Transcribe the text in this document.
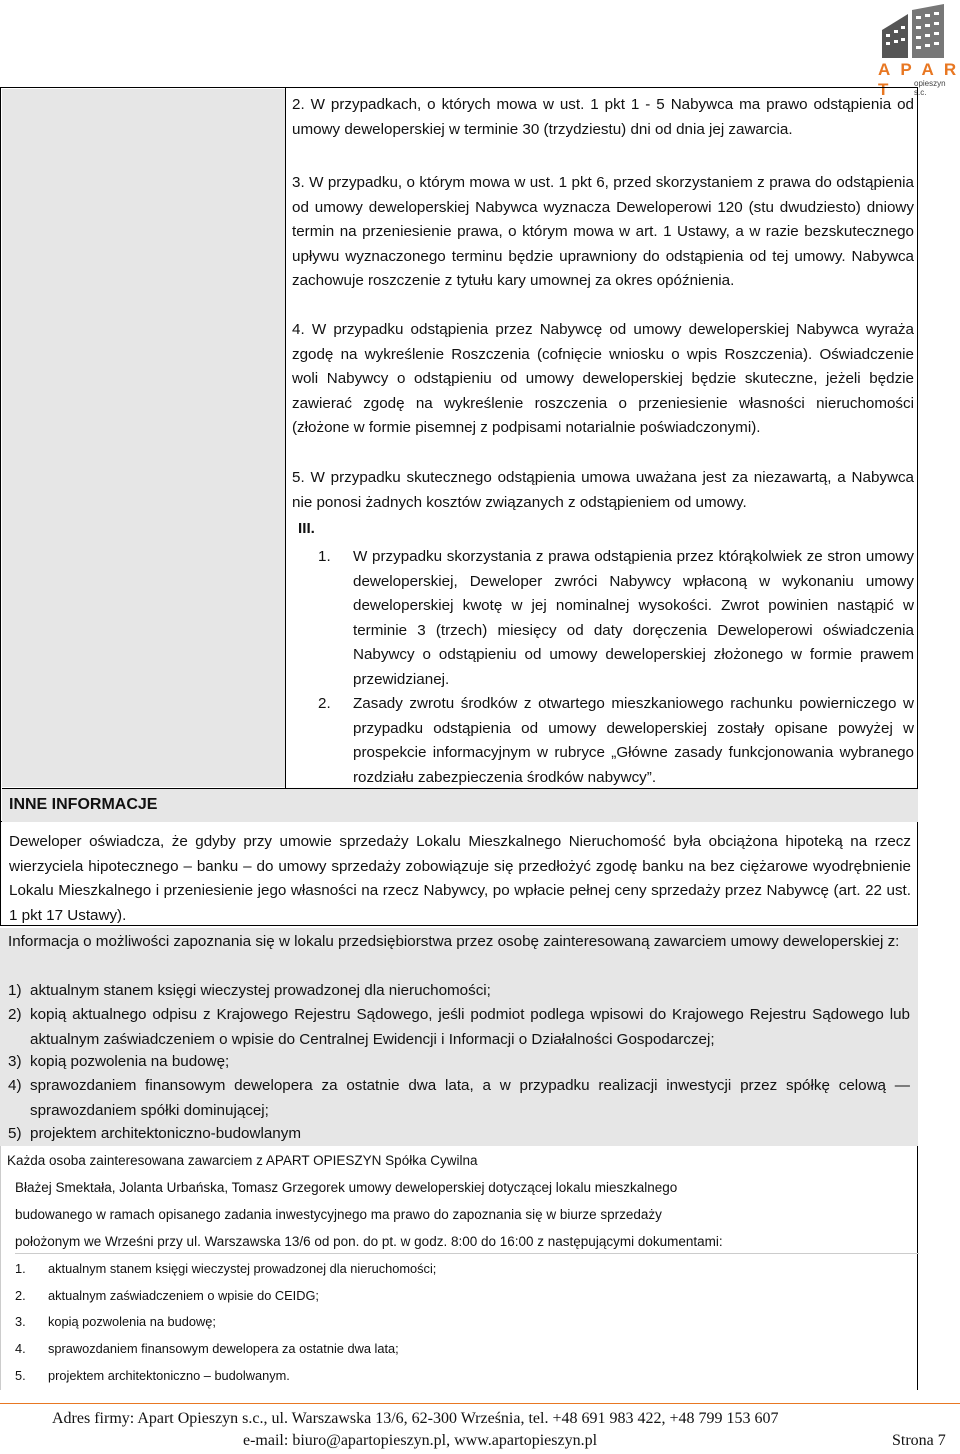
A P A R T	opieszyn s.c.
INNE INFORMACJE
2. W przypadkach, o których mowa w ust. 1 pkt 1 - 5 Nabywca ma prawo odstąpienia od umowy deweloperskiej w terminie 30 (trzydziestu) dni od dnia jej zawarcia.
3. W przypadku, o którym mowa w ust. 1 pkt 6, przed skorzystaniem z prawa do odstąpienia od umowy deweloperskiej Nabywca wyznacza Deweloperowi 120 (stu dwudziesto) dniowy termin na przeniesienie prawa, o którym mowa w art. 1 Ustawy, a w razie bezskutecznego upływu wyznaczonego terminu będzie uprawniony do odstąpienia od tej umowy. Nabywca zachowuje roszczenie z tytułu kary umownej za okres opóźnienia.
4. W przypadku odstąpienia przez Nabywcę od umowy deweloperskiej Nabywca wyraża zgodę na wykreślenie Roszczenia (cofnięcie wniosku o wpis Roszczenia). Oświadczenie woli Nabywcy o odstąpieniu od umowy deweloperskiej będzie skuteczne, jeżeli będzie zawierać zgodę na wykreślenie roszczenia o przeniesienie własności nieruchomości (złożone w formie pisemnej z podpisami notarialnie poświadczonymi).
5. W przypadku skutecznego odstąpienia umowa uważana jest za niezawartą, a Nabywca nie ponosi żadnych kosztów związanych z odstąpieniem od umowy.
III.
1. W przypadku skorzystania z prawa odstąpienia przez którąkolwiek ze stron umowy deweloperskiej, Deweloper zwróci Nabywcy wpłaconą w wykonaniu umowy deweloperskiej kwotę w jej nominalnej wysokości. Zwrot powinien nastąpić w terminie 3 (trzech) miesięcy od daty doręczenia Deweloperowi oświadczenia Nabywcy o odstąpieniu od umowy deweloperskiej złożonego w formie prawem przewidzianej.
2. Zasady zwrotu środków z otwartego mieszkaniowego rachunku powierniczego w przypadku odstąpienia od umowy deweloperskiej zostały opisane powyżej w prospekcie informacyjnym w rubryce „Główne zasady funkcjonowania wybranego rozdziału zabezpieczenia środków nabywcy”.
Deweloper oświadcza, że gdyby przy umowie sprzedaży Lokalu Mieszkalnego Nieruchomość była obciążona hipoteką na rzecz wierzyciela hipotecznego – banku – do umowy sprzedaży zobowiązuje się przedłożyć zgodę banku na bez ciężarowe wyodrębnienie Lokalu Mieszkalnego i przeniesienie jego własności na rzecz Nabywcy, po wpłacie pełnej ceny sprzedaży przez Nabywcę (art. 22 ust. 1 pkt 17 Ustawy).
Informacja o możliwości zapoznania się w lokalu przedsiębiorstwa przez osobę zainteresowaną zawarciem umowy deweloperskiej z:
1) aktualnym stanem księgi wieczystej prowadzonej dla nieruchomości;
2) kopią aktualnego odpisu z Krajowego Rejestru Sądowego, jeśli podmiot podlega wpisowi do Krajowego Rejestru Sądowego lub aktualnym zaświadczeniem o wpisie do Centralnej Ewidencji i Informacji o Działalności Gospodarczej;
3) kopią pozwolenia na budowę;
4) sprawozdaniem finansowym dewelopera za ostatnie dwa lata, a w przypadku realizacji inwestycji przez spółkę celową — sprawozdaniem spółki dominującej;
5) projektem architektoniczno-budowlanym
Każda osoba zainteresowana zawarciem z APART OPIESZYN Spółka Cywilna
Błażej Smektała, Jolanta Urbańska, Tomasz Grzegorek umowy deweloperskiej dotyczącej lokalu mieszkalnego
budowanego w ramach opisanego zadania inwestycyjnego ma prawo do zapoznania się w biurze sprzedaży
położonym we Wrześni przy ul. Warszawska 13/6 od pon. do pt. w godz. 8:00 do 16:00 z następującymi dokumentami:
1. aktualnym stanem księgi wieczystej prowadzonej dla nieruchomości;
2. aktualnym zaświadczeniem o wpisie do CEIDG;
3. kopią pozwolenia na budowę;
4. sprawozdaniem finansowym dewelopera za ostatnie dwa lata;
5. projektem architektoniczno – budolwanym.
Adres firmy: Apart Opieszyn s.c., ul. Warszawska 13/6, 62-300 Września, tel. +48 691 983 422, +48 799 153 607
e-mail: biuro@apartopieszyn.pl, www.apartopieszyn.pl	Strona 7
